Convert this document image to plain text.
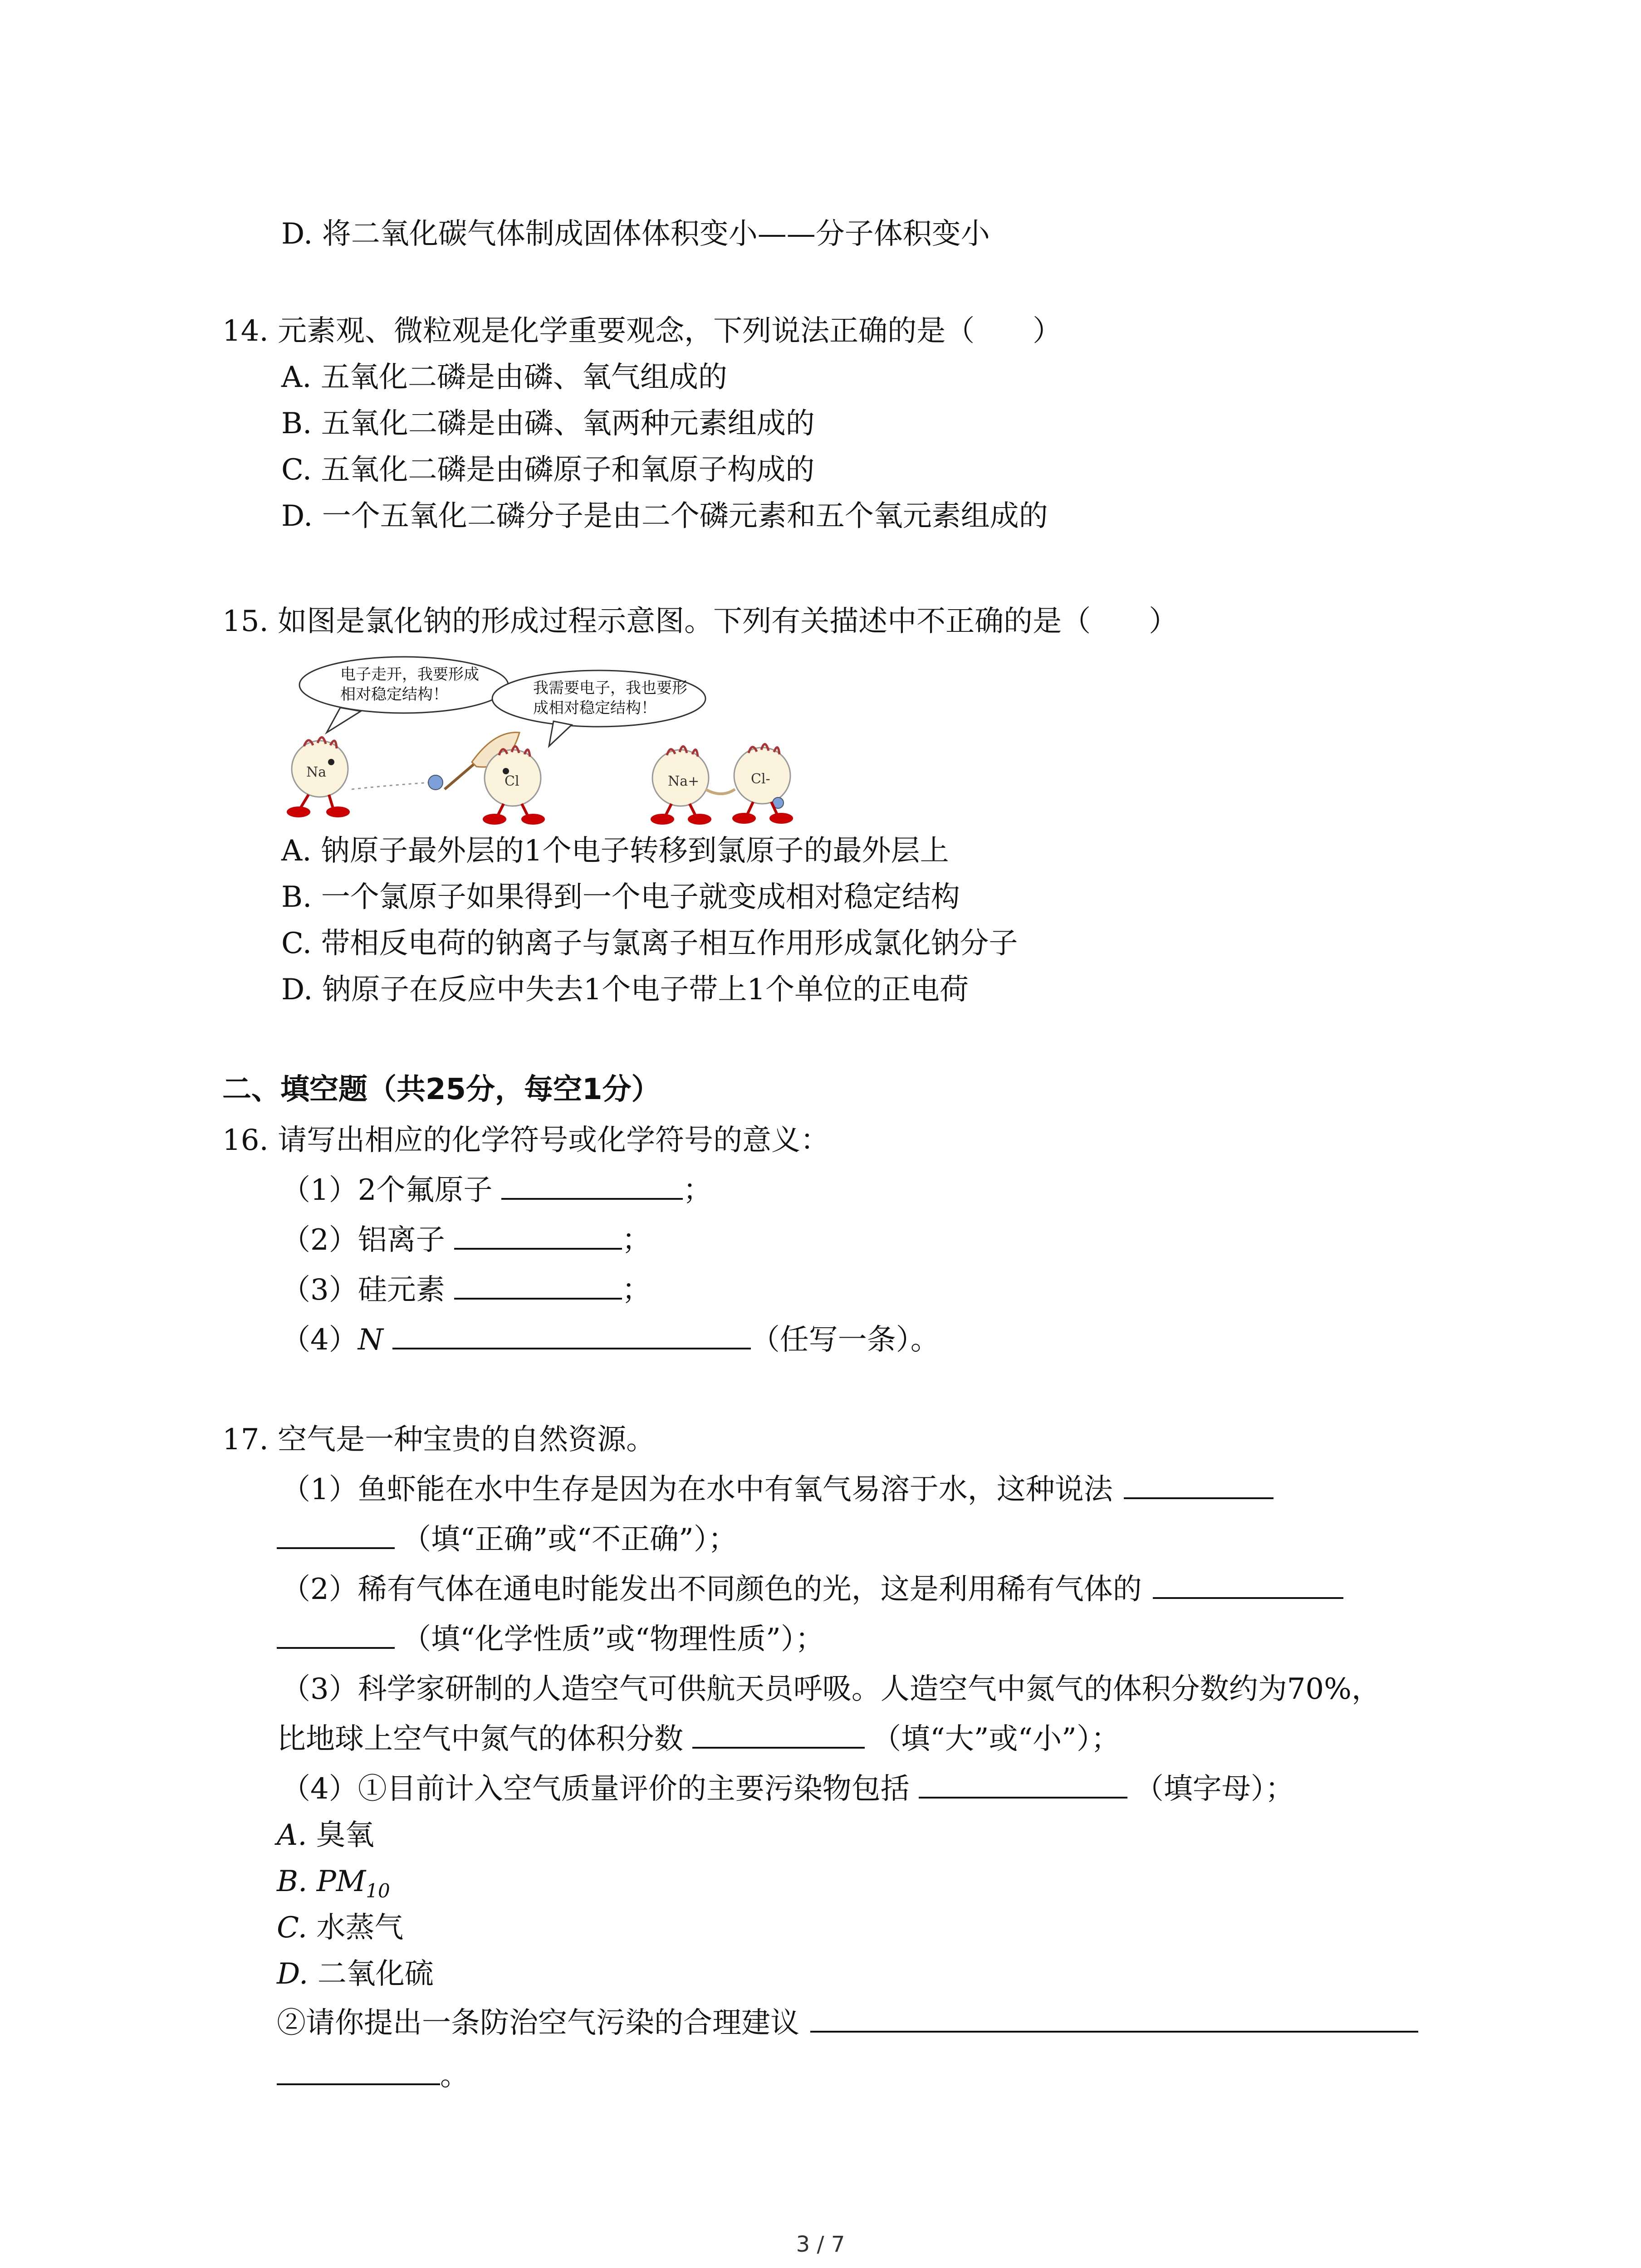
D. 将二氧化碳气体制成固体体积变小——分子体积变小
14. 元素观、微粒观是化学重要观念，下列说法正确的是（　　）
A. 五氧化二磷是由磷、氧气组成的
B. 五氧化二磷是由磷、氧两种元素组成的
C. 五氧化二磷是由磷原子和氧原子构成的
D. 一个五氧化二磷分子是由二个磷元素和五个氧元素组成的
15. 如图是氯化钠的形成过程示意图。下列有关描述中不正确的是（　　）
电子走开，我要形成
相对稳定结构！	我需要电子，我也要形
成相对稳定结构！
Na
Cl	Na+	Cl-
A. 钠原子最外层的1个电子转移到氯原子的最外层上
B. 一个氯原子如果得到一个电子就变成相对稳定结构
C. 带相反电荷的钠离子与氯离子相互作用形成氯化钠分子
D. 钠原子在反应中失去1个电子带上1个单位的正电荷
二、填空题（共25分，每空1分）
16. 请写出相应的化学符号或化学符号的意义：
（1）2个氟原子	；
（2）铝离子	；
（3）硅元素	；
（4）N	（任写一条）。
17. 空气是一种宝贵的自然资源。
（1）鱼虾能在水中生存是因为在水中有氧气易溶于水，这种说法
（填“正确”或“不正确”）；
（2）稀有气体在通电时能发出不同颜色的光，这是利用稀有气体的
（填“化学性质”或“物理性质”）；
（3）科学家研制的人造空气可供航天员呼吸。人造空气中氮气的体积分数约为70%，
比地球上空气中氮气的体积分数	（填“大”或“小”）；
（4）①目前计入空气质量评价的主要污染物包括	（填字母）；
A. 臭氧
B. $PM_{10}$
C. 水蒸气
D. 二氧化硫
②请你提出一条防治空气污染的合理建议
。
3 / 7
